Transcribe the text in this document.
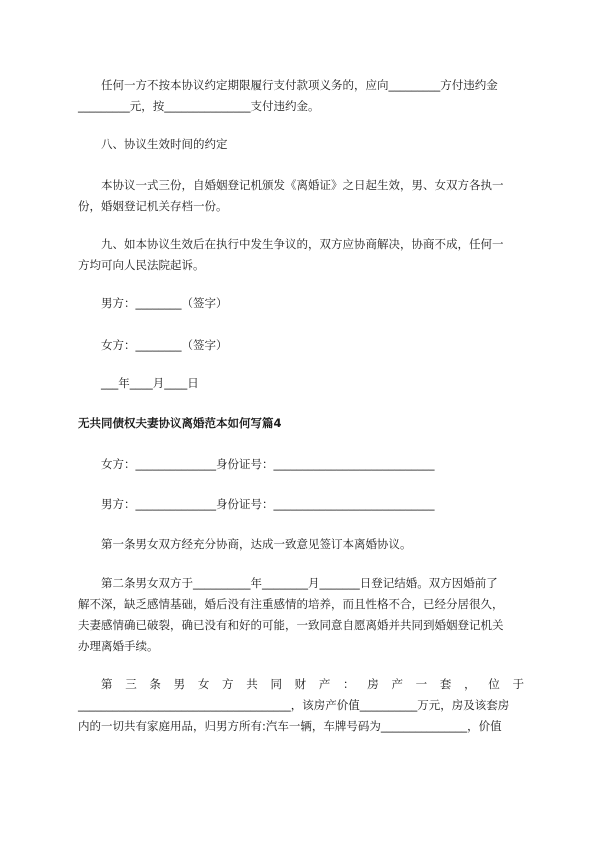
任何一方不按本协议约定期限履行支付款项义务的，应向_________方付违约金
_________元，按_______________支付违约金。
八、协议生效时间的约定
本协议一式三份，自婚姻登记机颁发《离婚证》之日起生效，男、女双方各执一
份，婚姻登记机关存档一份。
九、如本协议生效后在执行中发生争议的，双方应协商解决，协商不成，任何一
方均可向人民法院起诉。
男方：________（签字）
女方：________（签字）
___年____月____日
无共同债权夫妻协议离婚范本如何写篇4
女方：______________身份证号：____________________________
男方：______________身份证号：____________________________
第一条男女双方经充分协商，达成一致意见签订本离婚协议。
第二条男女双方于__________年________月_______日登记结婚。双方因婚前了
解不深，缺乏感情基础，婚后没有注重感情的培养，而且性格不合，已经分居很久，
夫妻感情确已破裂，确已没有和好的可能，一致同意自愿离婚并共同到婚姻登记机关
办理离婚手续。
第三条男女方共同财产：房产一套，位于
_____________________________________，该房产价值__________万元，房及该套房
内的一切共有家庭用品，归男方所有:汽车一辆，车牌号码为_______________，价值
